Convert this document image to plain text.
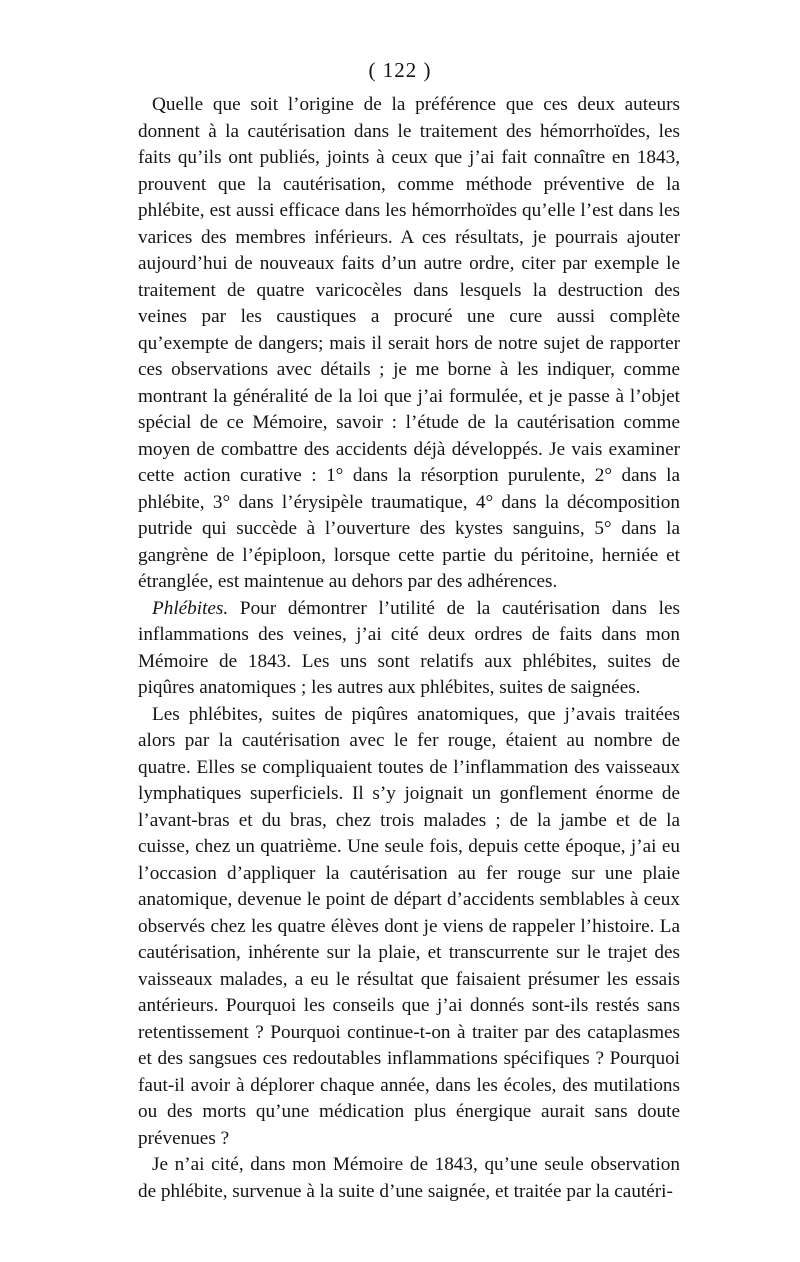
( 122 )

Quelle que soit l’origine de la préférence que ces deux auteurs donnent à la cautérisation dans le traitement des hémorrhoïdes, les faits qu’ils ont publiés, joints à ceux que j’ai fait connaître en 1843, prouvent que la cautérisation, comme méthode préventive de la phlébite, est aussi efficace dans les hémorrhoïdes qu’elle l’est dans les varices des membres inférieurs. A ces résultats, je pourrais ajouter aujourd’hui de nouveaux faits d’un autre ordre, citer par exemple le traitement de quatre varicocèles dans lesquels la destruction des veines par les caustiques a procuré une cure aussi complète qu’exempte de dangers; mais il serait hors de notre sujet de rapporter ces observations avec détails ; je me borne à les indiquer, comme montrant la généralité de la loi que j’ai formulée, et je passe à l’objet spécial de ce Mémoire, savoir : l’étude de la cautérisation comme moyen de combattre des accidents déjà développés. Je vais examiner cette action curative : 1° dans la résorption purulente, 2° dans la phlébite, 3° dans l’érysipèle traumatique, 4° dans la décomposition putride qui succède à l’ouverture des kystes sanguins, 5° dans la gangrène de l’épiploon, lorsque cette partie du péritoine, herniée et étranglée, est maintenue au dehors par des adhérences.

Phlébites. Pour démontrer l’utilité de la cautérisation dans les inflammations des veines, j’ai cité deux ordres de faits dans mon Mémoire de 1843. Les uns sont relatifs aux phlébites, suites de piqûres anatomiques ; les autres aux phlébites, suites de saignées.

Les phlébites, suites de piqûres anatomiques, que j’avais traitées alors par la cautérisation avec le fer rouge, étaient au nombre de quatre. Elles se compliquaient toutes de l’inflammation des vaisseaux lymphatiques superficiels. Il s’y joignait un gonflement énorme de l’avant-bras et du bras, chez trois malades ; de la jambe et de la cuisse, chez un quatrième. Une seule fois, depuis cette époque, j’ai eu l’occasion d’appliquer la cautérisation au fer rouge sur une plaie anatomique, devenue le point de départ d’accidents semblables à ceux observés chez les quatre élèves dont je viens de rappeler l’histoire. La cautérisation, inhérente sur la plaie, et transcurrente sur le trajet des vaisseaux malades, a eu le résultat que faisaient présumer les essais antérieurs. Pourquoi les conseils que j’ai donnés sont-ils restés sans retentissement ? Pourquoi continue-t-on à traiter par des cataplasmes et des sangsues ces redoutables inflammations spécifiques ? Pourquoi faut-il avoir à déplorer chaque année, dans les écoles, des mutilations ou des morts qu’une médication plus énergique aurait sans doute prévenues ?

Je n’ai cité, dans mon Mémoire de 1843, qu’une seule observation de phlébite, survenue à la suite d’une saignée, et traitée par la cautéri-
